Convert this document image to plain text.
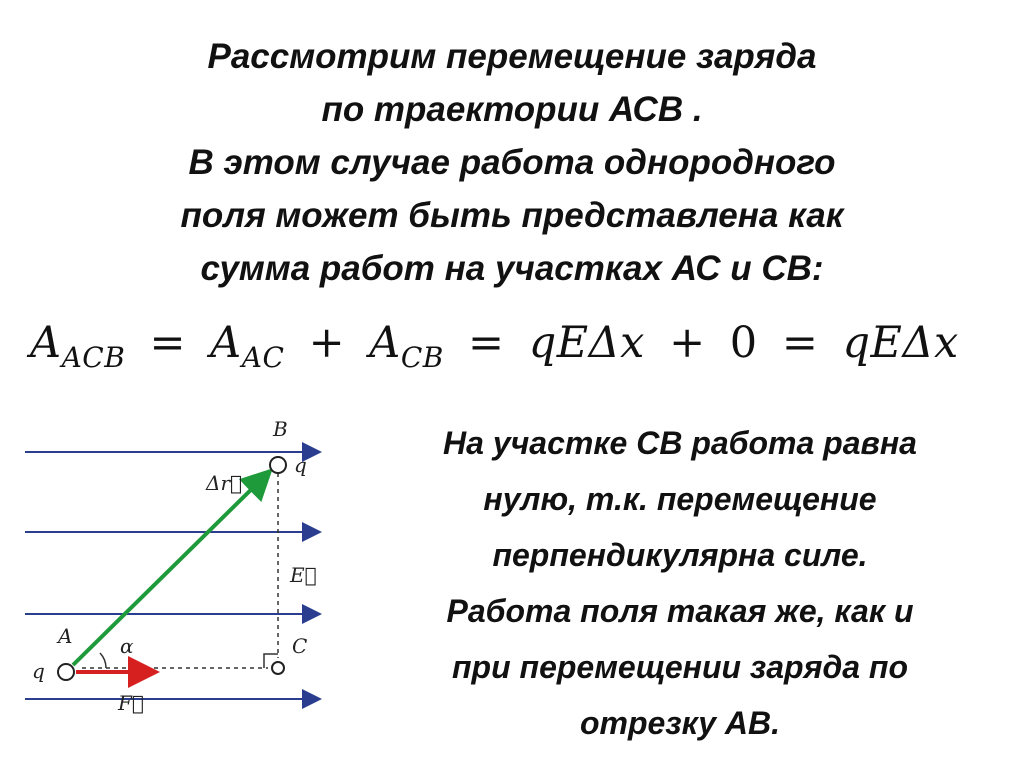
Рассмотрим перемещение заряда
по траектории АСВ .
В этом случае работа однородного
поля может быть представлена как
сумма работ на участках АС и СВ:
$A_{ACB} = A_{AC} + A_{CB} = qE\Delta x + 0 = qE\Delta x$
A
B
C
q
q
α
Δr⃗
E⃗
F⃗
На участке СВ работа равна
нулю, т.к. перемещение
перпендикулярна силе.
Работа поля такая же, как и
при перемещении заряда по
отрезку АВ.
